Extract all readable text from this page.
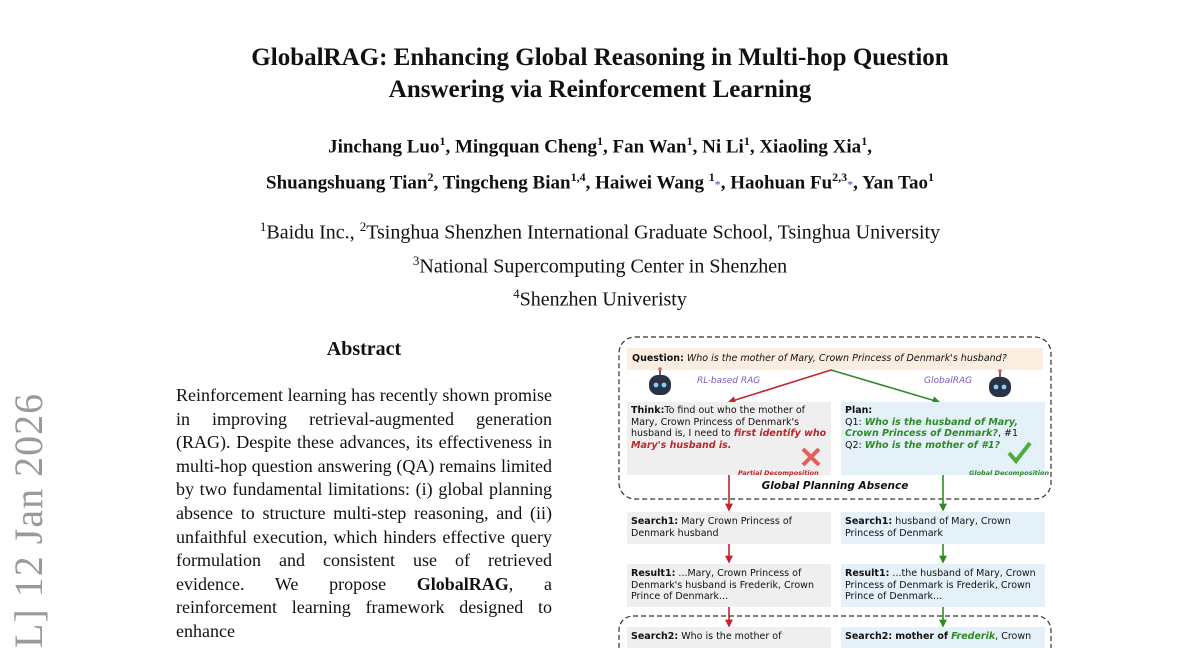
L] 12 Jan 2026
GlobalRAG: Enhancing Global Reasoning in Multi-hop Question
Answering via Reinforcement Learning
Jinchang Luo$^1$, Mingquan Cheng$^1$, Fan Wan$^1$, Ni Li$^1$, Xiaoling Xia$^1$,
Shuangshuang Tian$^2$, Tingcheng Bian$^{1,4}$, Haiwei Wang $^1$*, Haohuan Fu$^{2,3}$*, Yan Tao$^1$
$^1$Baidu Inc., $^2$Tsinghua Shenzhen International Graduate School, Tsinghua University
$^3$National Supercomputing Center in Shenzhen
$^4$Shenzhen Univeristy
Abstract
Reinforcement learning has recently shown promise in improving retrieval-augmented generation (RAG). Despite these advances, its effectiveness in multi-hop question answering (QA) remains limited by two fundamental limitations: (i) global planning absence to structure multi-step reasoning, and (ii) unfaithful execution, which hinders effective query formulation and consistent use of retrieved evidence. We propose GlobalRAG, a reinforcement learning framework designed to enhance
Question: Who is the mother of Mary, Crown Princess of Denmark's husband?
RL-based RAG	GlobalRAG
Think:To find out who the mother of Mary, Crown Princess of Denmark's husband is, I need to first identify who Mary's husband is.
Partial Decomposition
Plan:
Q1: Who is the husband of Mary, Crown Princess of Denmark?, #1
Q2: Who is the mother of #1?
Global Decomposition
Global Planning Absence
Search1: Mary Crown Princess of Denmark husband
Search1: husband of Mary, Crown Princess of Denmark
Result1: ...Mary, Crown Princess of Denmark's husband is Frederik, Crown Prince of Denmark...
Result1: ...the husband of Mary, Crown Princess of Denmark is Frederik, Crown Prince of Denmark...
Search2: Who is the mother of	Search2: mother of Frederik, Crown
